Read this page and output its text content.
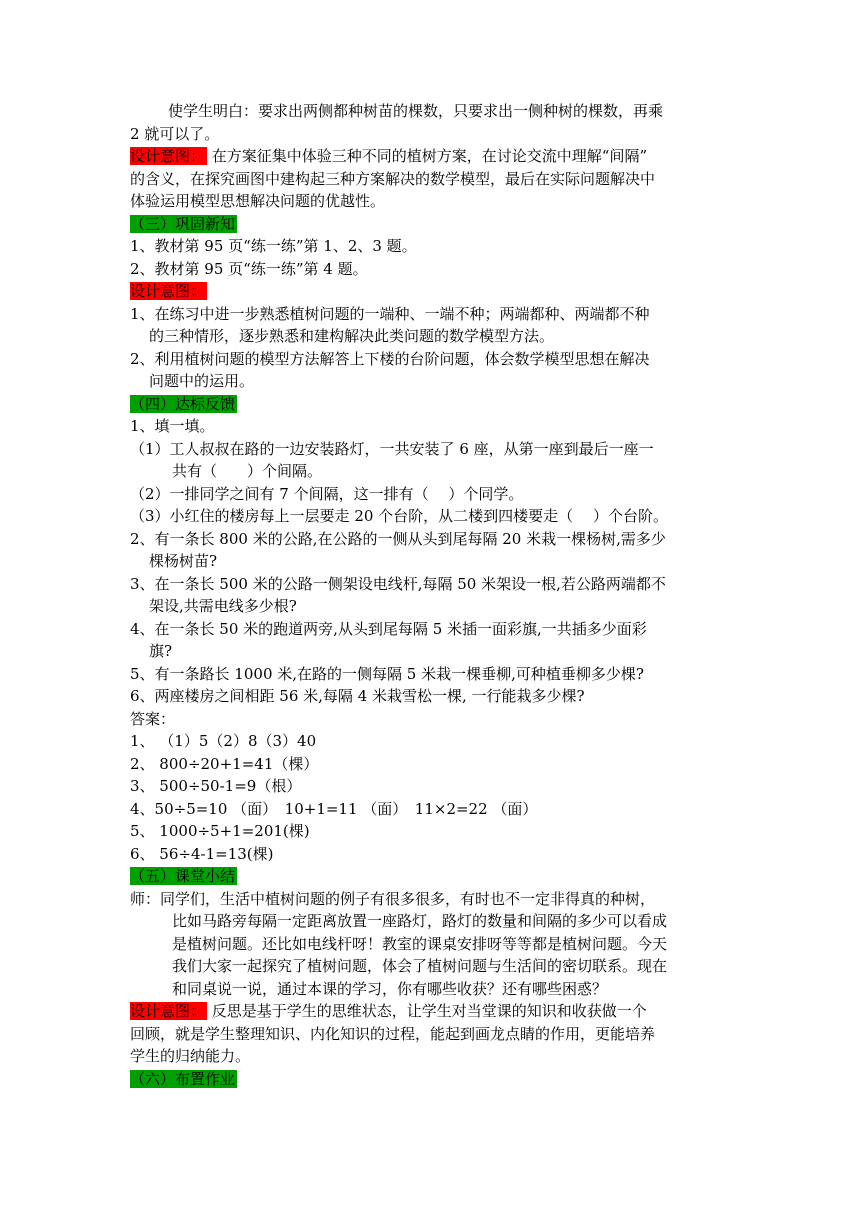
使学生明白：要求出两侧都种树苗的棵数，只要求出一侧种树的棵数，再乘
2 就可以了。
设计意图： 在方案征集中体验三种不同的植树方案，在讨论交流中理解“间隔”
的含义，在探究画图中建构起三种方案解决的数学模型，最后在实际问题解决中
体验运用模型思想解决问题的优越性。
（三）巩固新知
1、教材第 95 页“练一练”第 1、2、3 题。
2、教材第 95 页“练一练”第 4 题。
设计意图：
1、在练习中进一步熟悉植树问题的一端种、一端不种；两端都种、两端都不种
的三种情形，逐步熟悉和建构解决此类问题的数学模型方法。
2、利用植树问题的模型方法解答上下楼的台阶问题，体会数学模型思想在解决
问题中的运用。
（四）达标反馈
1、填一填。
（1）工人叔叔在路的一边安装路灯，一共安装了 6 座，从第一座到最后一座一
共有（　　）个间隔。
（2）一排同学之间有 7 个间隔，这一排有（　 ）个同学。
（3）小红住的楼房每上一层要走 20 个台阶，从二楼到四楼要走（　 ）个台阶。
2、有一条长 800 米的公路,在公路的一侧从头到尾每隔 20 米栽一棵杨树,需多少
棵杨树苗?
3、在一条长 500 米的公路一侧架设电线杆,每隔 50 米架设一根,若公路两端都不
架设,共需电线多少根?
4、在一条长 50 米的跑道两旁,从头到尾每隔 5 米插一面彩旗,一共插多少面彩
旗?
5、有一条路长 1000 米,在路的一侧每隔 5 米栽一棵垂柳,可种植垂柳多少棵?
6、两座楼房之间相距 56 米,每隔 4 米栽雪松一棵, 一行能栽多少棵?
答案：
1、 （1）5（2）8（3）40
2、 800÷20+1=41（棵）
3、 500÷50-1=9（根）
4、50÷5=10 （面）　10+1=11 （面）　11×2=22 （面）
5、 1000÷5+1=201(棵)
6、 56÷4-1=13(棵)
（五）课堂小结
师：同学们，生活中植树问题的例子有很多很多，有时也不一定非得真的种树，
比如马路旁每隔一定距离放置一座路灯，路灯的数量和间隔的多少可以看成
是植树问题。还比如电线杆呀！教室的课桌安排呀等等都是植树问题。今天
我们大家一起探究了植树问题，体会了植树问题与生活间的密切联系。现在
和同桌说一说，通过本课的学习，你有哪些收获？还有哪些困惑？
设计意图： 反思是基于学生的思维状态，让学生对当堂课的知识和收获做一个
回顾，就是学生整理知识、内化知识的过程，能起到画龙点睛的作用，更能培养
学生的归纳能力。
（六）布置作业
